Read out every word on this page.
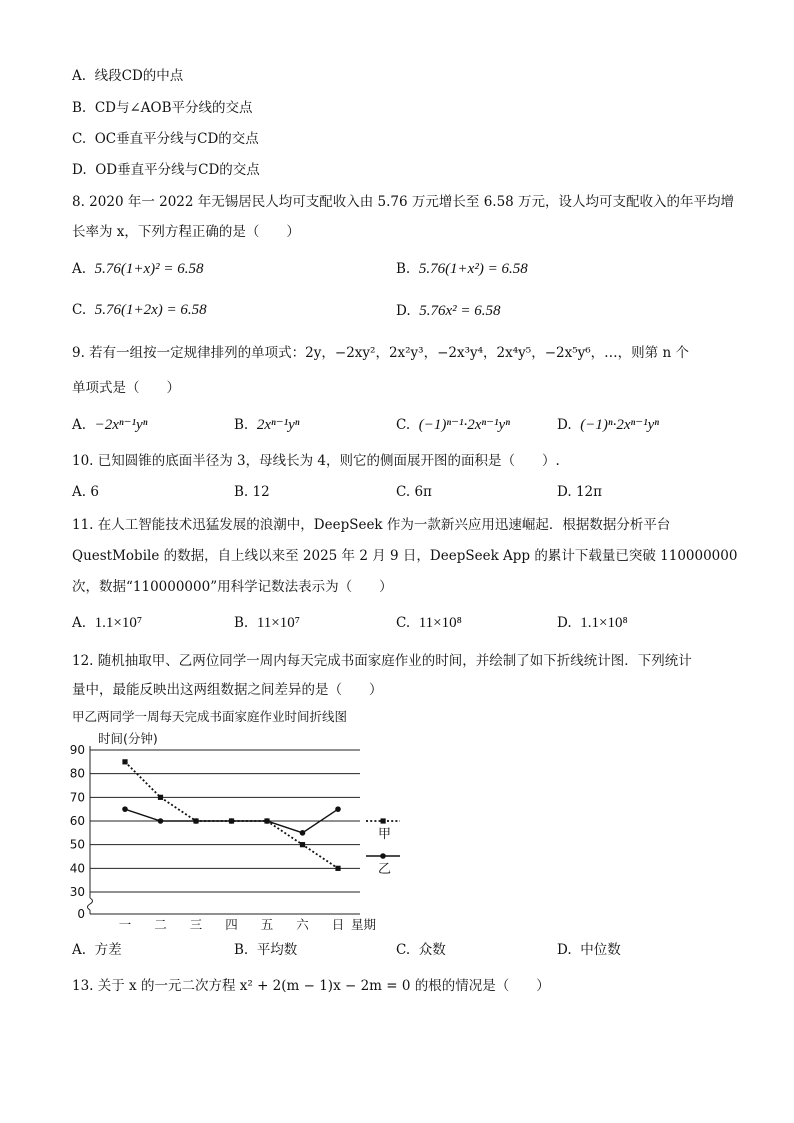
A. 线段CD的中点
B. CD与∠AOB平分线的交点
C. OC垂直平分线与CD的交点
D. OD垂直平分线与CD的交点
8. 2020 年一 2022 年无锡居民人均可支配收入由 5.76 万元增长至 6.58 万元，设人均可支配收入的年平均增
长率为 x，下列方程正确的是（　　）
A. 5.76(1+x)² = 6.58	B. 5.76(1+x²) = 6.58
C. 5.76(1+2x) = 6.58	D. 5.76x² = 6.58
9. 若有一组按一定规律排列的单项式：2y，−2xy²，2x²y³，−2x³y⁴，2x⁴y⁵，−2x⁵y⁶，…，则第 n 个
单项式是（　　）
A. −2xⁿ⁻¹yⁿ	B. 2xⁿ⁻¹yⁿ	C. (−1)ⁿ⁻¹·2xⁿ⁻¹yⁿ	D. (−1)ⁿ·2xⁿ⁻¹yⁿ
10. 已知圆锥的底面半径为 3，母线长为 4，则它的侧面展开图的面积是（　　）.
A. 6	B. 12	C. 6π	D. 12π
11. 在人工智能技术迅猛发展的浪潮中，DeepSeek 作为一款新兴应用迅速崛起．根据数据分析平台
QuestMobile 的数据，自上线以来至 2025 年 2 月 9 日，DeepSeek App 的累计下载量已突破 110000000
次，数据“110000000”用科学记数法表示为（　　）
A. 1.1×10⁷	B. 11×10⁷	C. 11×10⁸	D. 1.1×10⁸
12. 随机抽取甲、乙两位同学一周内每天完成书面家庭作业的时间，并绘制了如下折线统计图．下列统计
量中，最能反映出这两组数据之间差异的是（　　）
甲乙两同学一周每天完成书面家庭作业时间折线图
0
30
40
50
60
70
80
90
一 二 三 四 五 六 日
甲
乙
时间(分钟)
星期
A. 方差	B. 平均数	C. 众数	D. 中位数
13. 关于 x 的一元二次方程 x² + 2(m − 1)x − 2m = 0 的根的情况是（　　）
